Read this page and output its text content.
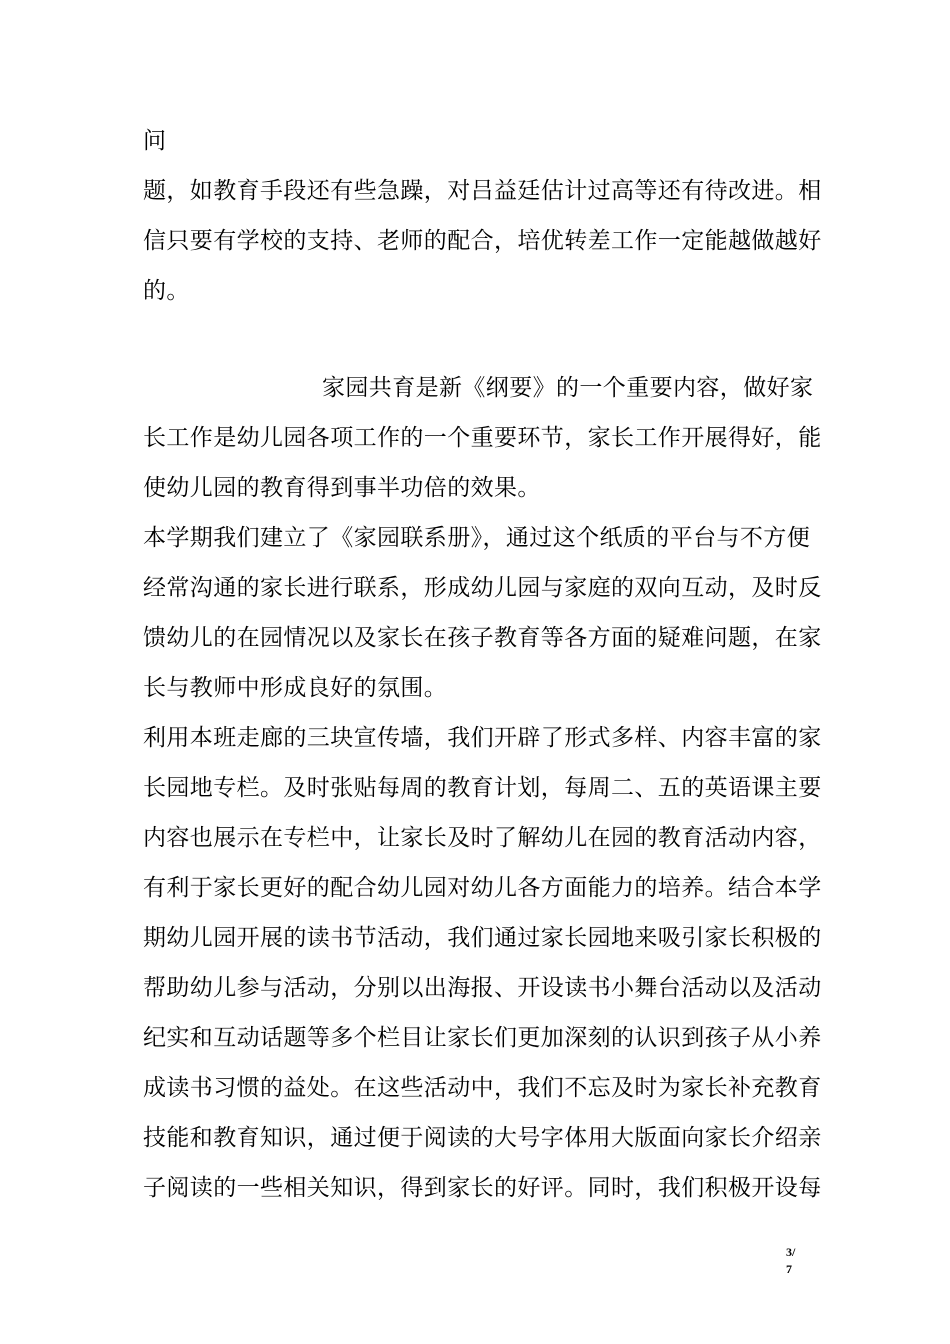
问
题，如教育手段还有些急躁，对吕益廷估计过高等还有待改进。相
信只要有学校的支持、老师的配合，培优转差工作一定能越做越好
的。
家园共育是新《纲要》的一个重要内容，做好家
长工作是幼儿园各项工作的一个重要环节，家长工作开展得好，能
使幼儿园的教育得到事半功倍的效果。
本学期我们建立了《家园联系册》，通过这个纸质的平台与不方便
经常沟通的家长进行联系，形成幼儿园与家庭的双向互动，及时反
馈幼儿的在园情况以及家长在孩子教育等各方面的疑难问题，在家
长与教师中形成良好的氛围。
利用本班走廊的三块宣传墙，我们开辟了形式多样、内容丰富的家
长园地专栏。及时张贴每周的教育计划，每周二、五的英语课主要
内容也展示在专栏中，让家长及时了解幼儿在园的教育活动内容，
有利于家长更好的配合幼儿园对幼儿各方面能力的培养。结合本学
期幼儿园开展的读书节活动，我们通过家长园地来吸引家长积极的
帮助幼儿参与活动，分别以出海报、开设读书小舞台活动以及活动
纪实和互动话题等多个栏目让家长们更加深刻的认识到孩子从小养
成读书习惯的益处。在这些活动中，我们不忘及时为家长补充教育
技能和教育知识，通过便于阅读的大号字体用大版面向家长介绍亲
子阅读的一些相关知识，得到家长的好评。同时，我们积极开设每
3/
7
